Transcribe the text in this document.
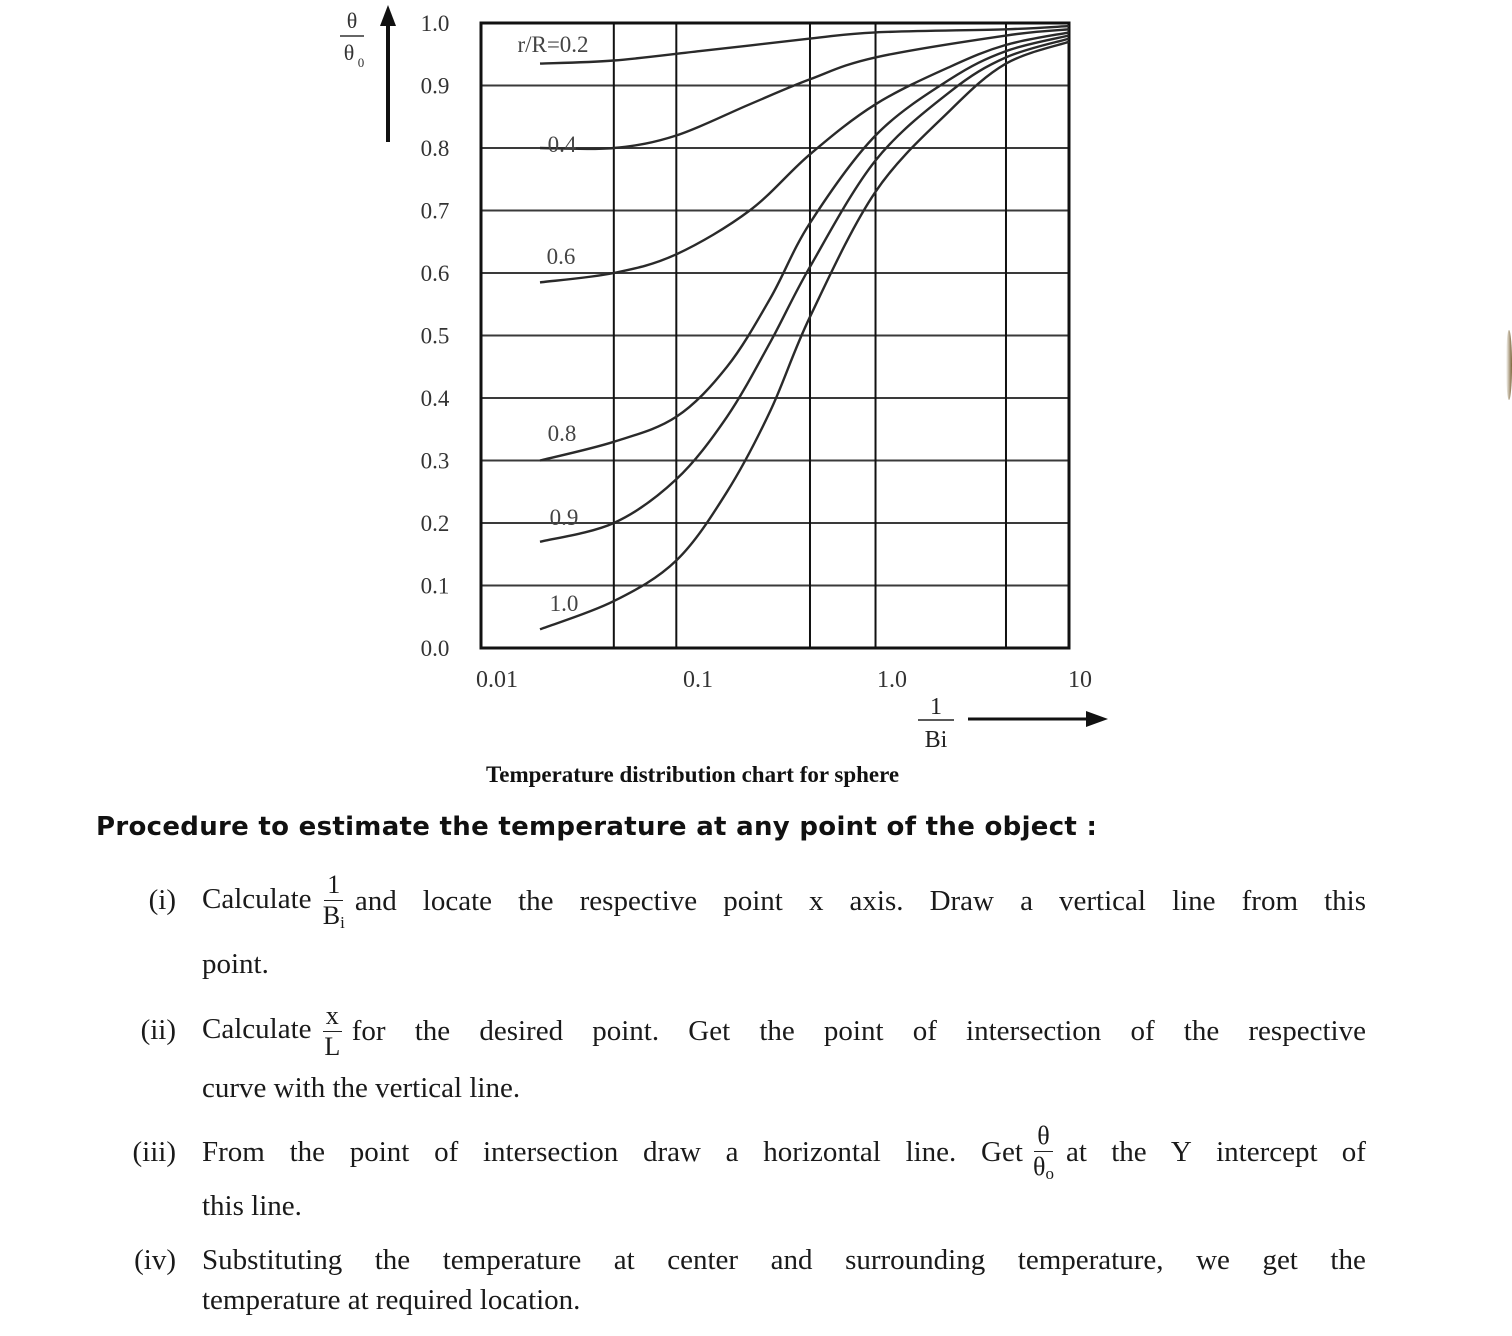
θ
θ 0
0.0
0.1
0.2
0.3
0.4
0.5
0.6
0.7
0.8
0.9
1.0
0.01	0.1	1.0	10
r/R=0.2
0.4
0.6
0.8
0.9
1.0
1
Bi
Temperature distribution chart for sphere
Procedure to estimate the temperature at any point of the object :
(i) Calculate $\frac{1}{B_i}$ and locate the respective point x axis. Draw a vertical line from this
point.
(ii) Calculate $\frac{x}{L}$ for the desired point. Get the point of intersection of the respective
curve with the vertical line.
(iii) From the point of intersection draw a horizontal line. Get $\frac{\theta}{\theta_o}$ at the Y intercept of
this line.
(iv) Substituting the temperature at center and surrounding temperature, we get the
temperature at required location.
